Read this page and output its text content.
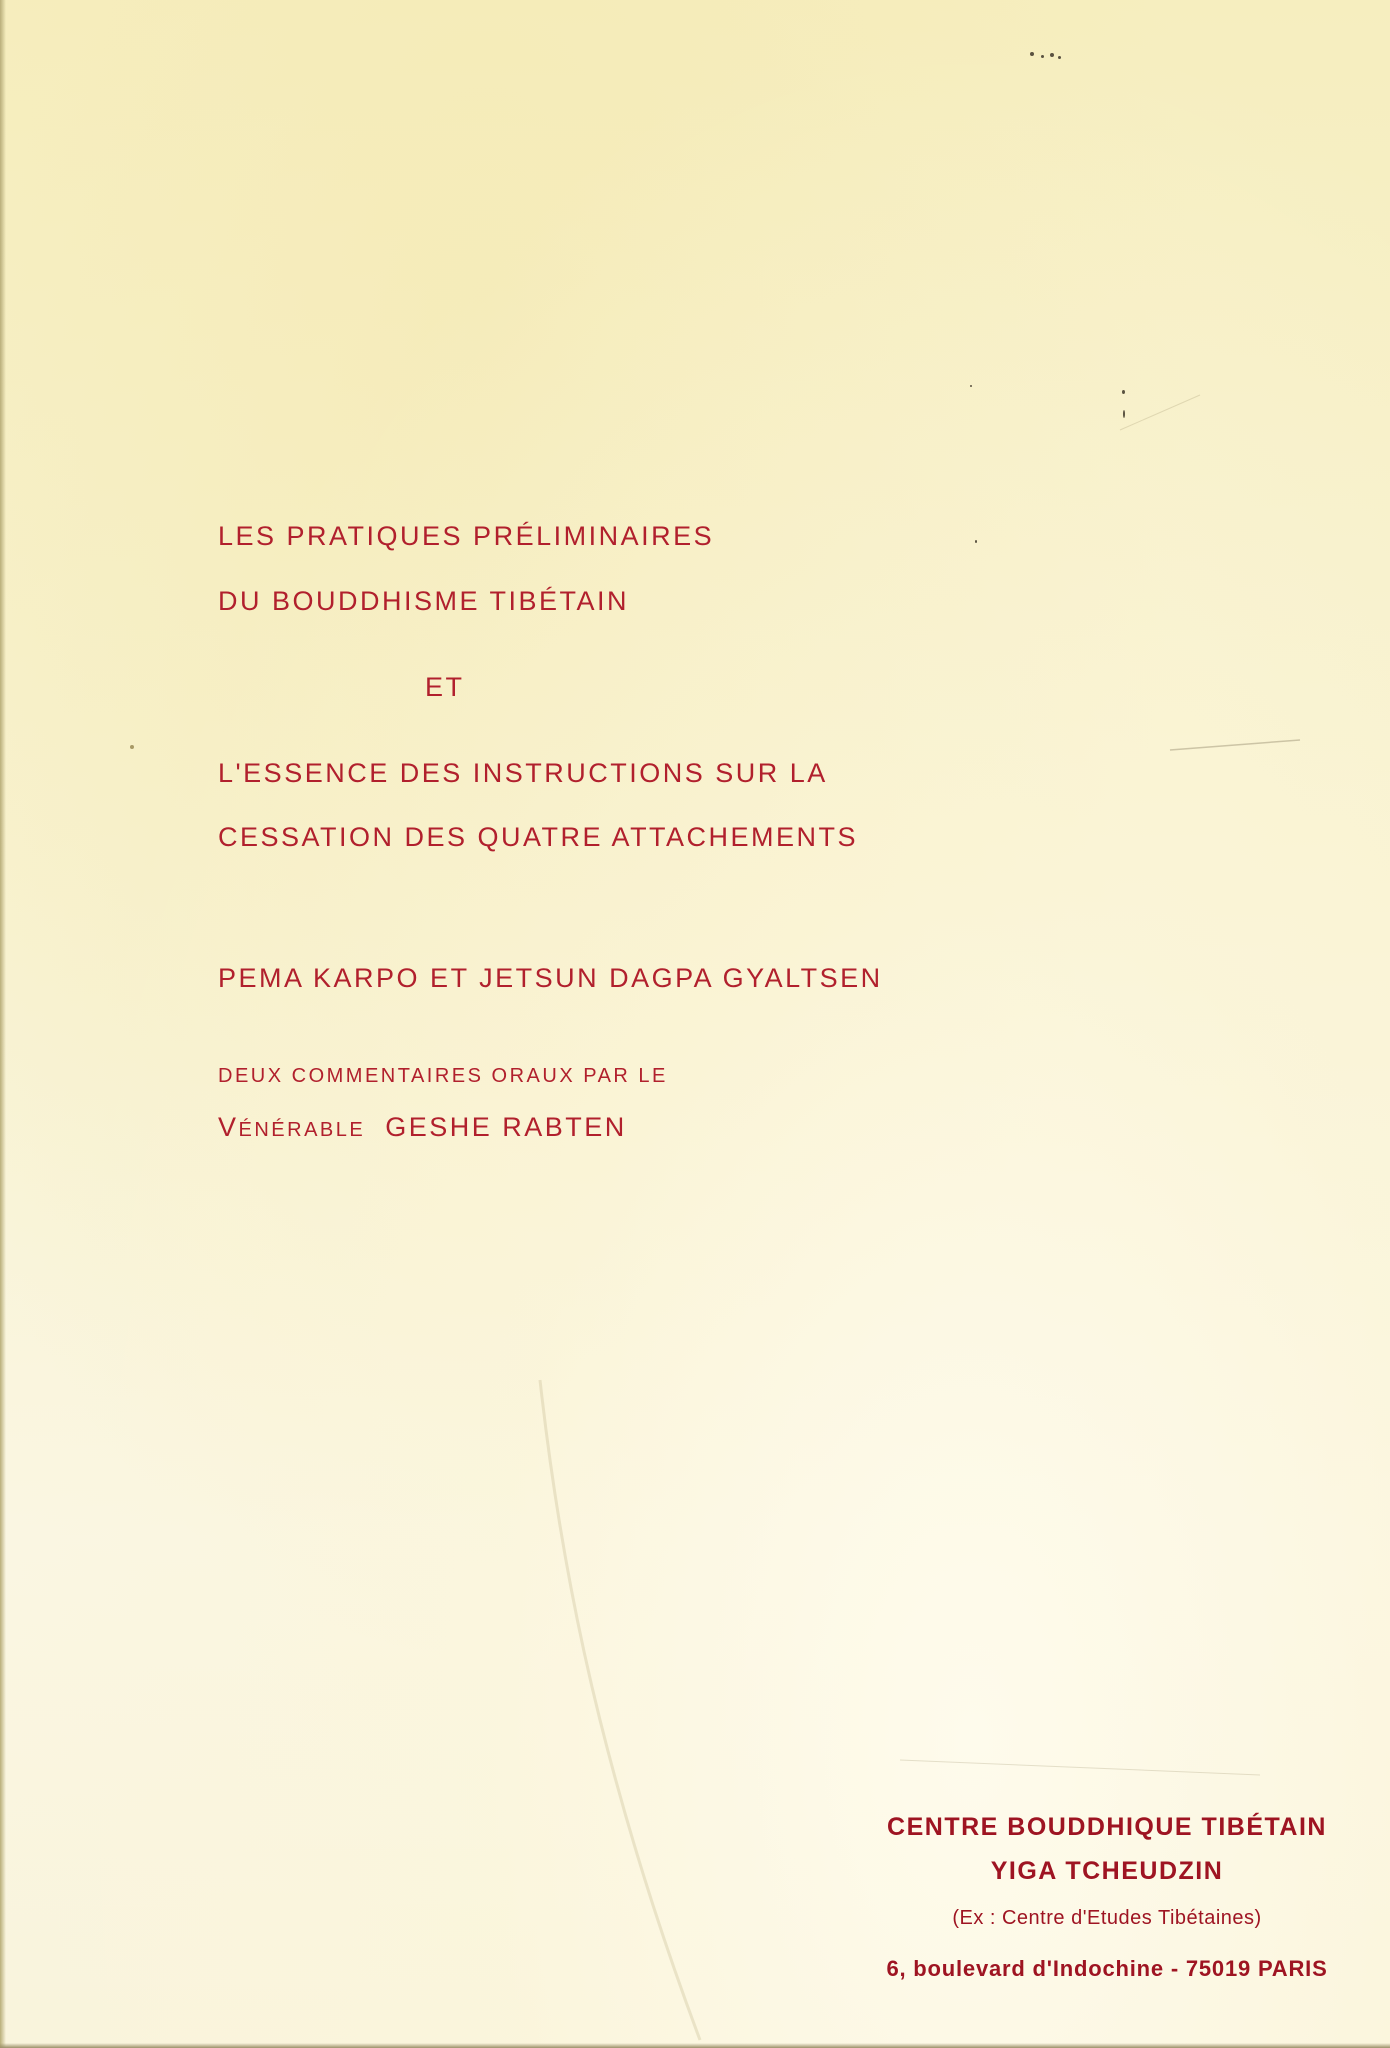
LES PRATIQUES PRÉLIMINAIRES
DU BOUDDHISME TIBÉTAIN
ET
L'ESSENCE DES INSTRUCTIONS SUR LA
CESSATION DES QUATRE ATTACHEMENTS
PEMA KARPO ET JETSUN DAGPA GYALTSEN
DEUX COMMENTAIRES ORAUX PAR LE
VÉNÉRABLE GESHE RABTEN
CENTRE BOUDDHIQUE TIBÉTAIN
YIGA TCHEUDZIN
(Ex : Centre d'Etudes Tibétaines)
6, boulevard d'Indochine - 75019 PARIS
